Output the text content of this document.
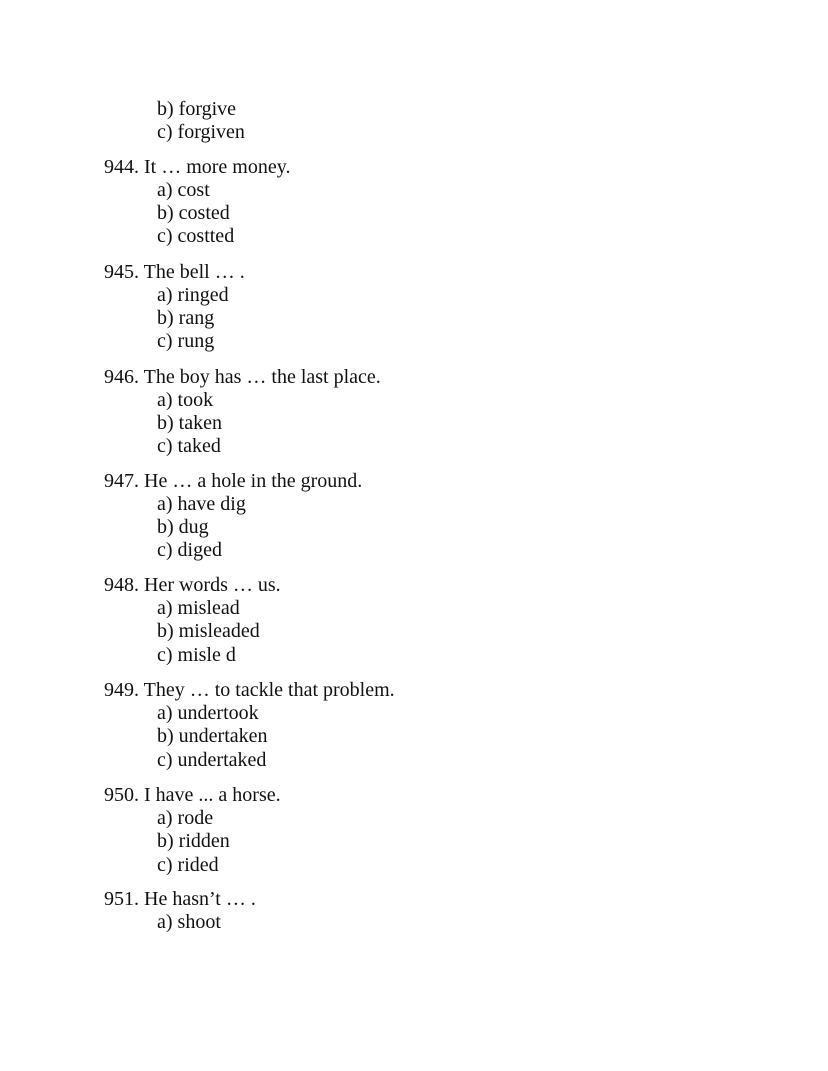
b) forgive
c) forgiven
944. It … more money.
a) cost
b) costed
c) costted
945. The bell … .
a) ringed
b) rang
c) rung
946. The boy has … the last place.
a) took
b) taken
c) taked
947. He … a hole in the ground.
a) have dig
b) dug
c) diged
948. Her words … us.
a) mislead
b) misleaded
c) misle d
949. They … to tackle that problem.
a) undertook
b) undertaken
c) undertaked
950. I have ... a horse.
a) rode
b) ridden
c) rided
951. He hasn’t … .
a) shoot
